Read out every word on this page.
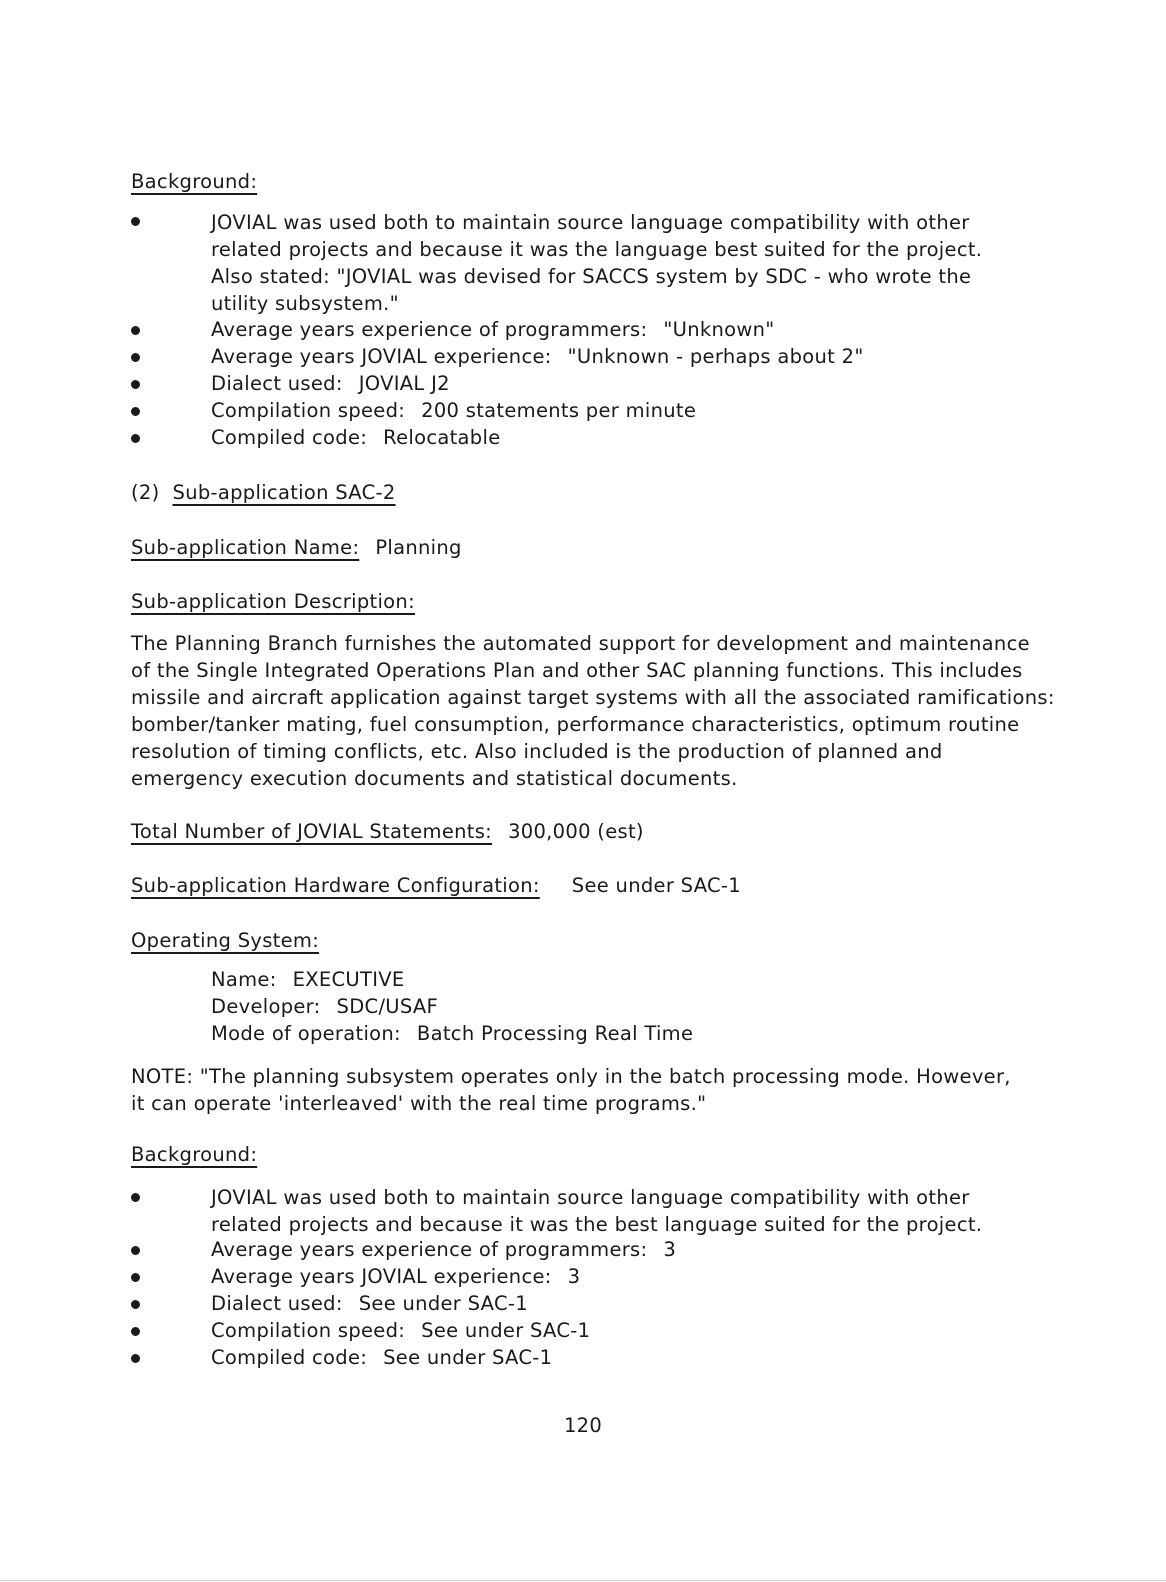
Background:
JOVIAL was used both to maintain source language compatibility with other
related projects and because it was the language best suited for the project.
Also stated: "JOVIAL was devised for SACCS system by SDC - who wrote the
utility subsystem."
Average years experience of programmers: "Unknown"
Average years JOVIAL experience: "Unknown - perhaps about 2"
Dialect used: JOVIAL J2
Compilation speed: 200 statements per minute
Compiled code: Relocatable
(2) Sub-application SAC-2
Sub-application Name: Planning
Sub-application Description:
The Planning Branch furnishes the automated support for development and maintenance
of the Single Integrated Operations Plan and other SAC planning functions. This includes
missile and aircraft application against target systems with all the associated ramifications:
bomber/tanker mating, fuel consumption, performance characteristics, optimum routine
resolution of timing conflicts, etc. Also included is the production of planned and
emergency execution documents and statistical documents.
Total Number of JOVIAL Statements: 300,000 (est)
Sub-application Hardware Configuration: See under SAC-1
Operating System:
Name: EXECUTIVE
Developer: SDC/USAF
Mode of operation: Batch Processing Real Time
NOTE: "The planning subsystem operates only in the batch processing mode. However,
it can operate 'interleaved' with the real time programs."
Background:
JOVIAL was used both to maintain source language compatibility with other
related projects and because it was the best language suited for the project.
Average years experience of programmers: 3
Average years JOVIAL experience: 3
Dialect used: See under SAC-1
Compilation speed: See under SAC-1
Compiled code: See under SAC-1
120
